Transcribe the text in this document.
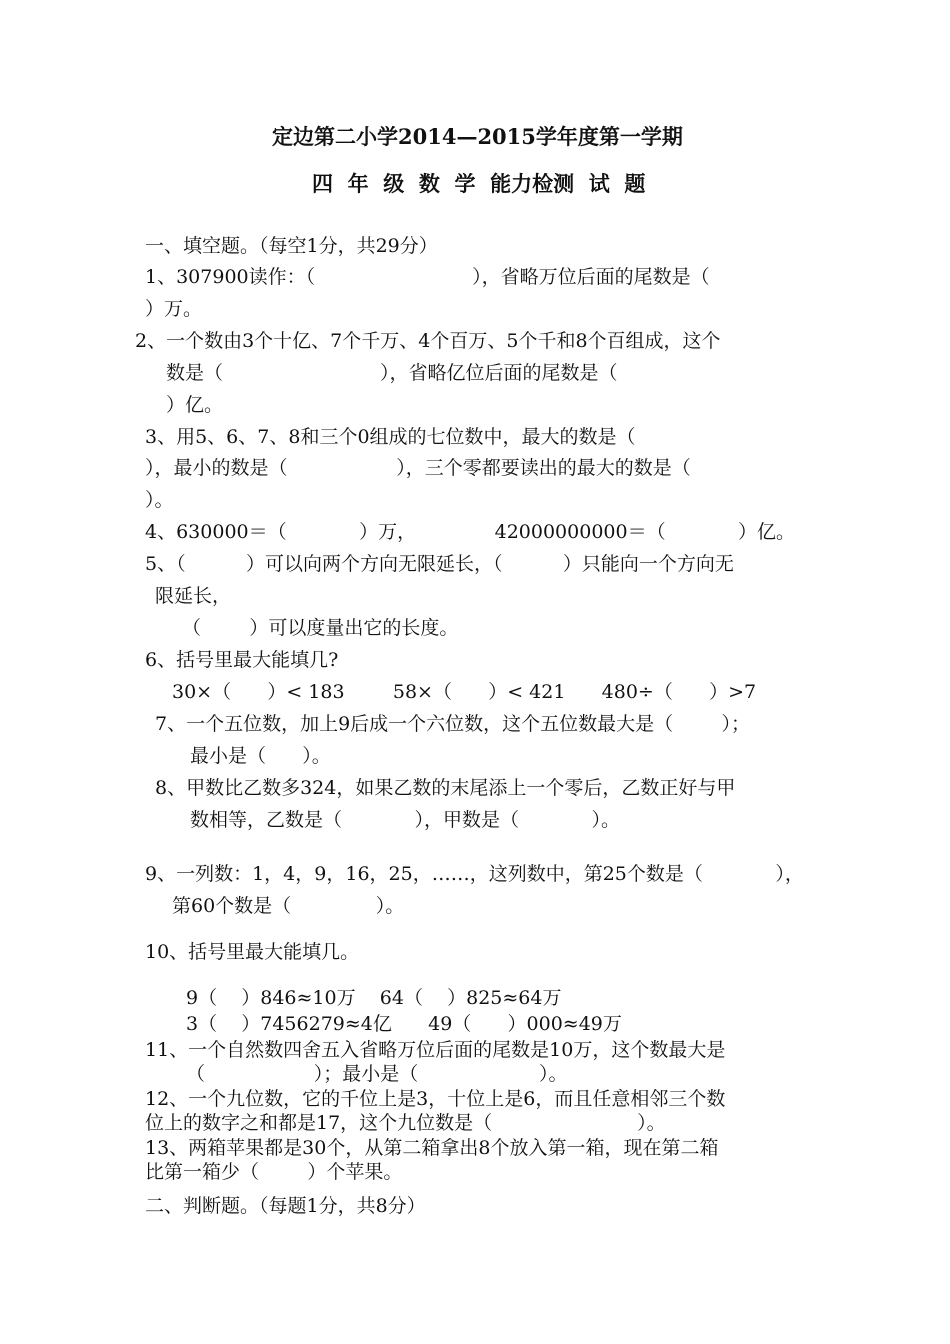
定边第二小学2014—2015学年度第一学期
四  年  级  数  学  能力检测  试  题
一、填空题。（每空1分，共29分）
1、307900读作：（                          ），省略万位后面的尾数是（
）万。
2、一个数由3个十亿、7个千万、4个百万、5个千和8个百组成，这个
数是（                          ），省略亿位后面的尾数是（
）亿。
3、用5、6、7、8和三个0组成的七位数中，最大的数是（
），最小的数是（                  ），三个零都要读出的最大的数是（
）。
4、630000＝（            ）万，             42000000000＝（            ）亿。
5、（          ）可以向两个方向无限延长，（          ）只能向一个方向无
限延长，
（        ）可以度量出它的长度。
6、括号里最大能填几?
30×（      ）< 183        58×（      ）< 421      480÷（      ）>7
7、一个五位数，加上9后成一个六位数，这个五位数最大是（        ）；
最小是（      ）。
8、甲数比乙数多324，如果乙数的末尾添上一个零后，乙数正好与甲
数相等，乙数是（            ），甲数是（            ）。
9、一列数：1，4，9，16，25，……，这列数中，第25个数是（            ），
第60个数是（              ）。
10、括号里最大能填几。
9（    ）846≈10万    64（    ）825≈64万
3（    ）7456279≈4亿      49（      ）000≈49万
11、一个自然数四舍五入省略万位后面的尾数是10万，这个数最大是
（                  ）；最小是（                    ）。
12、一个九位数，它的千位上是3，十位上是6，而且任意相邻三个数
位上的数字之和都是17，这个九位数是（                        ）。
13、两箱苹果都是30个，从第二箱拿出8个放入第一箱，现在第二箱
比第一箱少（        ）个苹果。
二、判断题。（每题1分，共8分）
